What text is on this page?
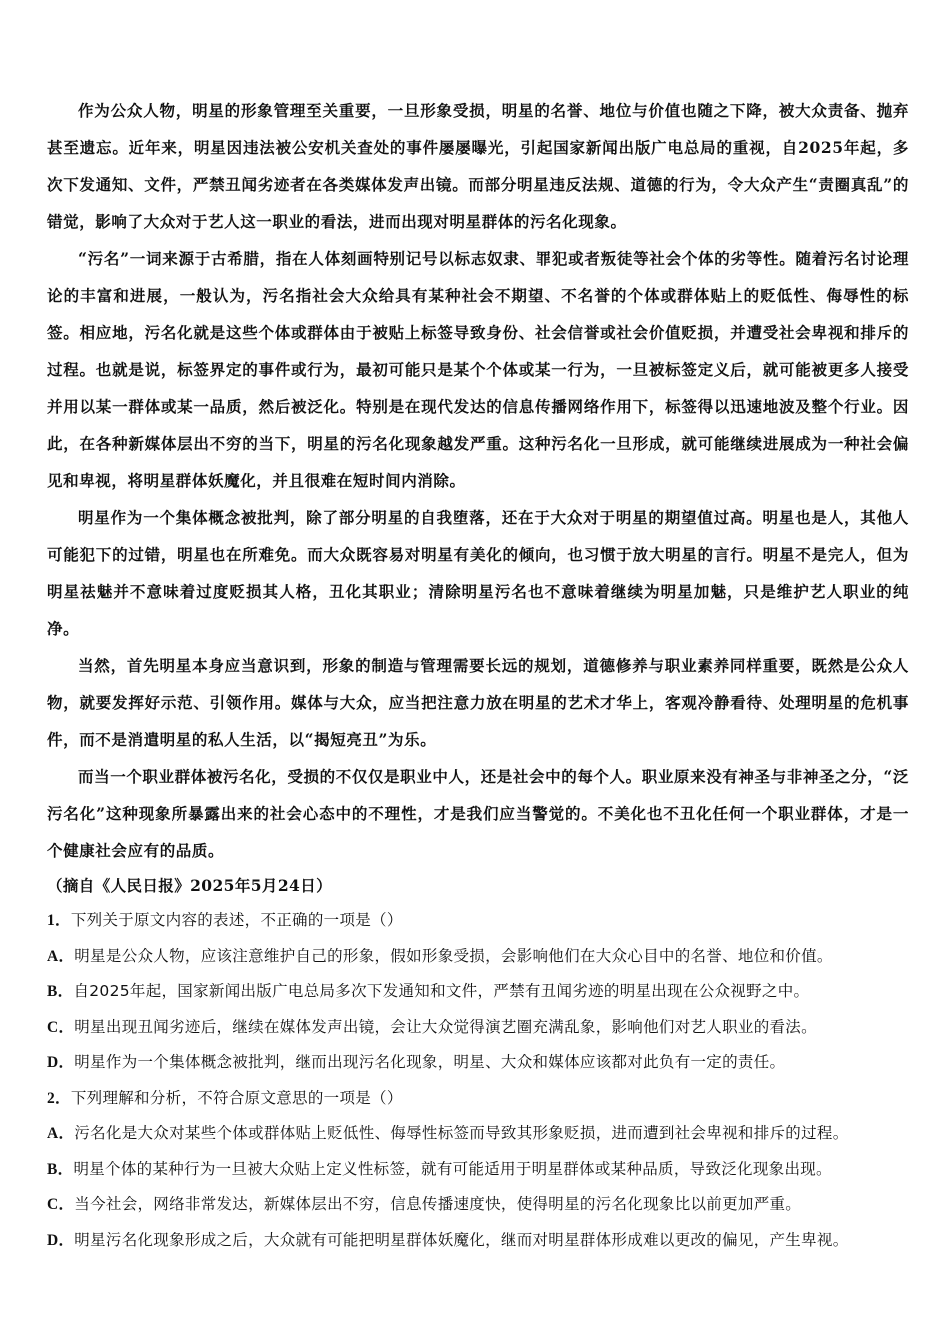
作为公众人物，明星的形象管理至关重要，一旦形象受损，明星的名誉、地位与价值也随之下降，被大众责备、抛弃甚至遗忘。近年来，明星因违法被公安机关查处的事件屡屡曝光，引起国家新闻出版广电总局的重视，自2025年起，多次下发通知、文件，严禁丑闻劣迹者在各类媒体发声出镜。而部分明星违反法规、道德的行为，令大众产生“责圈真乱”的错觉，影响了大众对于艺人这一职业的看法，进而出现对明星群体的污名化现象。

“污名”一词来源于古希腊，指在人体刻画特别记号以标志奴隶、罪犯或者叛徒等社会个体的劣等性。随着污名讨论理论的丰富和进展，一般认为，污名指社会大众给具有某种社会不期望、不名誉的个体或群体贴上的贬低性、侮辱性的标签。相应地，污名化就是这些个体或群体由于被贴上标签导致身份、社会信誉或社会价值贬损，并遭受社会卑视和排斥的过程。也就是说，标签界定的事件或行为，最初可能只是某个个体或某一行为，一旦被标签定义后，就可能被更多人接受并用以某一群体或某一品质，然后被泛化。特别是在现代发达的信息传播网络作用下，标签得以迅速地波及整个行业。因此，在各种新媒体层出不穷的当下，明星的污名化现象越发严重。这种污名化一旦形成，就可能继续进展成为一种社会偏见和卑视，将明星群体妖魔化，并且很难在短时间内消除。

明星作为一个集体概念被批判，除了部分明星的自我堕落，还在于大众对于明星的期望值过高。明星也是人，其他人可能犯下的过错，明星也在所难免。而大众既容易对明星有美化的倾向，也习惯于放大明星的言行。明星不是完人，但为明星祛魅并不意味着过度贬损其人格，丑化其职业；清除明星污名也不意味着继续为明星加魅，只是维护艺人职业的纯净。

当然，首先明星本身应当意识到，形象的制造与管理需要长远的规划，道德修养与职业素养同样重要，既然是公众人物，就要发挥好示范、引领作用。媒体与大众，应当把注意力放在明星的艺术才华上，客观冷静看待、处理明星的危机事件，而不是消遣明星的私人生活，以“揭短亮丑”为乐。

而当一个职业群体被污名化，受损的不仅仅是职业中人，还是社会中的每个人。职业原来没有神圣与非神圣之分，“泛污名化”这种现象所暴露出来的社会心态中的不理性，才是我们应当警觉的。不美化也不丑化任何一个职业群体，才是一个健康社会应有的品质。

（摘自《人民日报》2025年5月24日）

1．下列关于原文内容的表述，不正确的一项是（）

A．明星是公众人物，应该注意维护自己的形象，假如形象受损，会影响他们在大众心目中的名誉、地位和价值。

B．自2025年起，国家新闻出版广电总局多次下发通知和文件，严禁有丑闻劣迹的明星出现在公众视野之中。

C．明星出现丑闻劣迹后，继续在媒体发声出镜，会让大众觉得演艺圈充满乱象，影响他们对艺人职业的看法。

D．明星作为一个集体概念被批判，继而出现污名化现象，明星、大众和媒体应该都对此负有一定的责任。

2．下列理解和分析，不符合原文意思的一项是（）

A．污名化是大众对某些个体或群体贴上贬低性、侮辱性标签而导致其形象贬损，进而遭到社会卑视和排斥的过程。

B．明星个体的某种行为一旦被大众贴上定义性标签，就有可能适用于明星群体或某种品质，导致泛化现象出现。

C．当今社会，网络非常发达，新媒体层出不穷，信息传播速度快，使得明星的污名化现象比以前更加严重。

D．明星污名化现象形成之后，大众就有可能把明星群体妖魔化，继而对明星群体形成难以更改的偏见，产生卑视。
